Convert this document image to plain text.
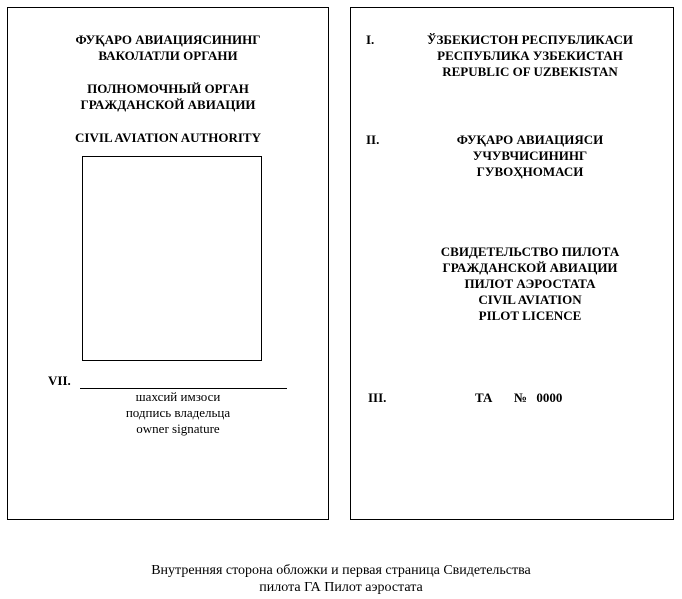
ФУҚАРО АВИАЦИЯСИНИНГ
ВАКОЛАТЛИ ОРГАНИ
ПОЛНОМОЧНЫЙ ОРГАН
ГРАЖДАНСКОЙ АВИАЦИИ
CIVIL AVIATION AUTHORITY
VII.
шахсий имзоси
подпись владельца
owner signature
I.	ЎЗБЕКИСТОН РЕСПУБЛИКАСИ
РЕСПУБЛИКА УЗБЕКИСТАН
REPUBLIC OF UZBEKISTAN
II.	ФУҚАРО АВИАЦИЯСИ
УЧУВЧИСИНИНГ
ГУВОҲНОМАСИ
СВИДЕТЕЛЬСТВО ПИЛОТА
ГРАЖДАНСКОЙ АВИАЦИИ
ПИЛОТ АЭРОСТАТА
CIVIL AVIATION
PILOT LICENCE
III.	ТА № 0000
Внутренняя сторона обложки и первая страница Свидетельства
пилота ГА Пилот аэростата
